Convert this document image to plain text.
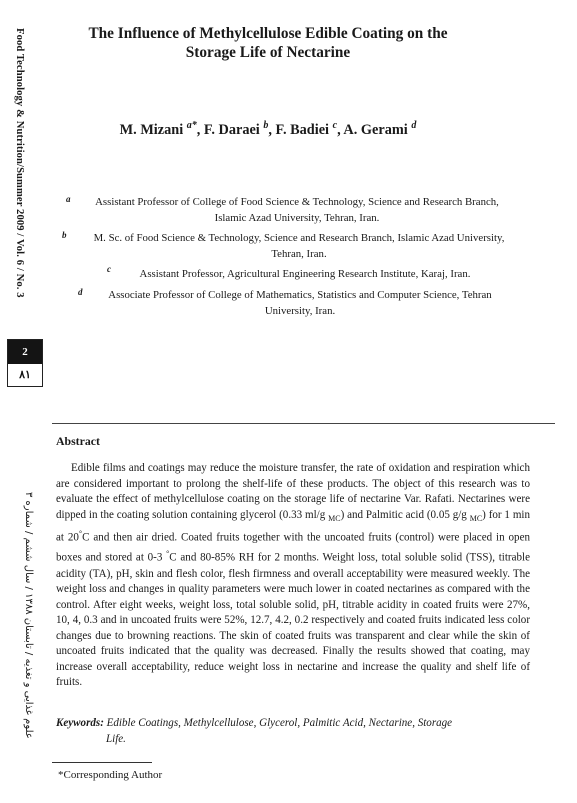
Food Technology & Nutrition/Summer 2009 / Vol. 6 / No. 3
2
٨١
علوم غذایی و تغذیه / تابستان ۱۳۸۸ / سال ششم / شماره ۳
The Influence of Methylcellulose Edible Coating on the
Storage Life of Nectarine
M. Mizani $^{a*}$, F. Daraei $^b$, F. Badiei $^c$, A. Gerami $^d$
a	Assistant Professor of College of Food Science & Technology, Science and Research Branch,
Islamic Azad University, Tehran, Iran.
b	M. Sc. of Food Science & Technology, Science and Research Branch, Islamic Azad University,
Tehran, Iran.
c	Assistant Professor, Agricultural Engineering Research Institute, Karaj, Iran.
d	Associate Professor of College of Mathematics, Statistics and Computer Science, Tehran
University, Iran.
Abstract
Edible films and coatings may reduce the moisture transfer, the rate of oxidation and respiration which are considered important to prolong the shelf-life of these products. The object of this research was to evaluate the effect of methylcellulose coating on the storage life of nectarine Var. Rafati. Nectarines were dipped in the coating solution containing glycerol (0.33 ml/g $_{MC}$) and Palmitic acid (0.05 g/g $_{MC}$) for 1 min at 20°C and then air dried. Coated fruits together with the uncoated fruits (control) were placed in open boxes and stored at 0-3 °C and 80-85% RH for 2 months. Weight loss, total soluble solid (TSS), titrable acidity (TA), pH, skin and flesh color, flesh firmness and overall acceptability were measured weekly. The weight loss and changes in quality parameters were much lower in coated nectarines as compared with the control. After eight weeks, weight loss, total soluble solid, pH, titrable acidity in coated fruits were 27%, 10, 4, 0.3 and in uncoated fruits were 52%, 12.7, 4.2, 0.2 respectively and coated fruits indicated less color changes due to browning reactions. The skin of coated fruits was transparent and clear while the skin of uncoated fruits indicated that the quality was decreased. Finally the results showed that coating, may increase overall acceptability, reduce weight loss in nectarine and increase the quality and shelf life of fruits.
Keywords: Edible Coatings, Methylcellulose, Glycerol, Palmitic Acid, Nectarine, Storage
Life.
*Corresponding Author
